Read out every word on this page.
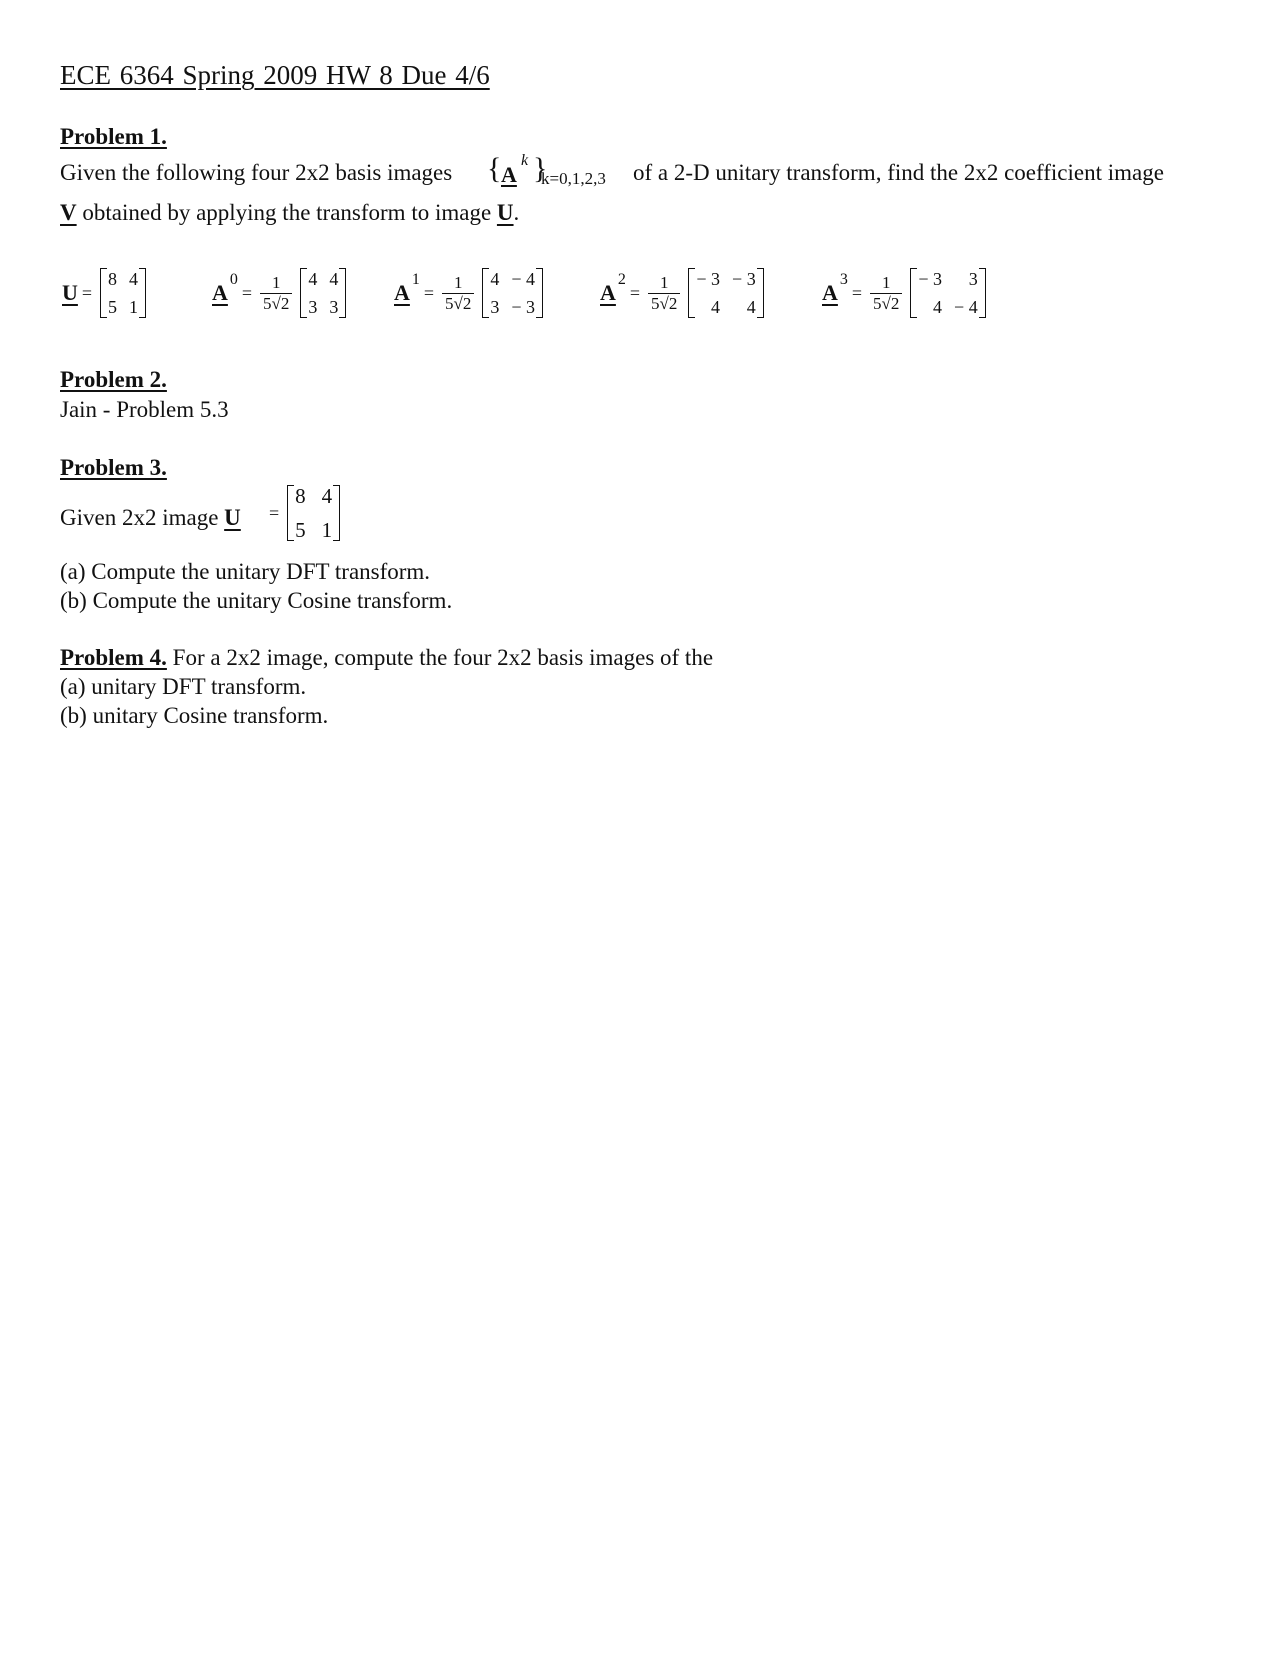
ECE 6364 Spring 2009 HW 8 Due 4/6
Problem 1.
Given the following four 2x2 basis images { A
k }
k=0,1,2,3 of a 2-D unitary transform, find the 2x2 coefficient image
V obtained by applying the transform to image U.
U =
8 4
5 1
A
0
= $\frac{1}{5√2} 4$ 4
3 3
A
1
= $\frac{1}{5√2} 4 - 4$
3 − 3
A
2
= $\frac{1}{5√2} - 3 - 3$
4	4
A
3
= $\frac{1}{5√2} - 3$	3
4 − 4
Problem 2.
Jain - Problem 5.3
Problem 3.
Given 2x2 image U =
8 4
5 1
(a) Compute the unitary DFT transform.
(b) Compute the unitary Cosine transform.
Problem 4. For a 2x2 image, compute the four 2x2 basis images of the
(a) unitary DFT transform.
(b) unitary Cosine transform.
